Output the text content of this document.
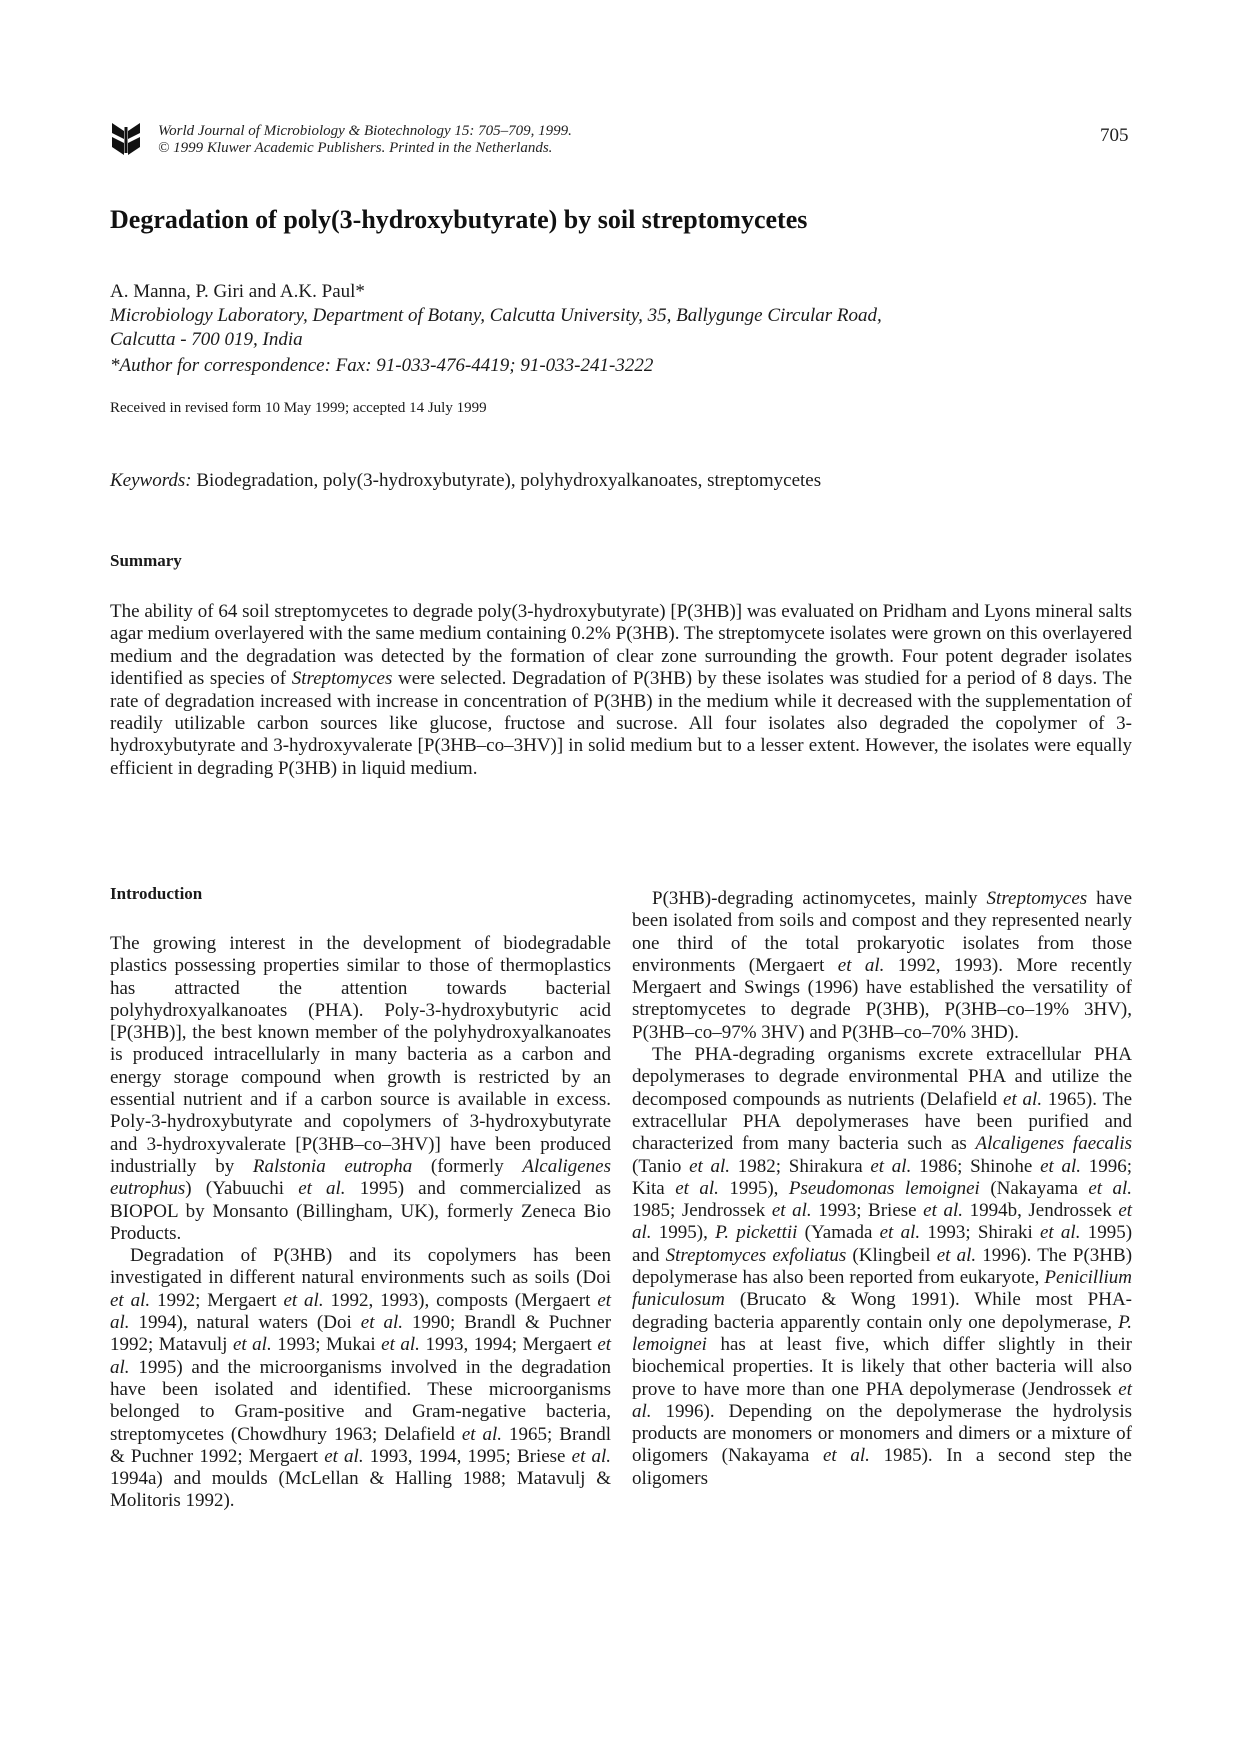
World Journal of Microbiology & Biotechnology 15: 705–709, 1999.
© 1999 Kluwer Academic Publishers. Printed in the Netherlands.
705
Degradation of poly(3-hydroxybutyrate) by soil streptomycetes
A. Manna, P. Giri and A.K. Paul*
Microbiology Laboratory, Department of Botany, Calcutta University, 35, Ballygunge Circular Road,
Calcutta - 700 019, India
*Author for correspondence: Fax: 91-033-476-4419; 91-033-241-3222
Received in revised form 10 May 1999; accepted 14 July 1999
Keywords: Biodegradation, poly(3-hydroxybutyrate), polyhydroxyalkanoates, streptomycetes
Summary
The ability of 64 soil streptomycetes to degrade poly(3-hydroxybutyrate) [P(3HB)] was evaluated on Pridham and Lyons mineral salts agar medium overlayered with the same medium containing 0.2% P(3HB). The streptomycete isolates were grown on this overlayered medium and the degradation was detected by the formation of clear zone surrounding the growth. Four potent degrader isolates identified as species of Streptomyces were selected. Degradation of P(3HB) by these isolates was studied for a period of 8 days. The rate of degradation increased with increase in concentration of P(3HB) in the medium while it decreased with the supplementation of readily utilizable carbon sources like glucose, fructose and sucrose. All four isolates also degraded the copolymer of 3-hydroxybutyrate and 3-hydroxyvalerate [P(3HB–co–3HV)] in solid medium but to a lesser extent. However, the isolates were equally efficient in degrading P(3HB) in liquid medium.
Introduction

The growing interest in the development of biodegradable plastics possessing properties similar to those of thermoplastics has attracted the attention towards bacterial polyhydroxyalkanoates (PHA). Poly-3-hydroxybutyric acid [P(3HB)], the best known member of the polyhydroxyalkanoates is produced intracellularly in many bacteria as a carbon and energy storage compound when growth is restricted by an essential nutrient and if a carbon source is available in excess. Poly-3-hydroxybutyrate and copolymers of 3-hydroxybutyrate and 3-hydroxyvalerate [P(3HB–co–3HV)] have been produced industrially by Ralstonia eutropha (formerly Alcaligenes eutrophus) (Yabuuchi et al. 1995) and commercialized as BIOPOL by Monsanto (Billingham, UK), formerly Zeneca Bio Products.

Degradation of P(3HB) and its copolymers has been investigated in different natural environments such as soils (Doi et al. 1992; Mergaert et al. 1992, 1993), composts (Mergaert et al. 1994), natural waters (Doi et al. 1990; Brandl & Puchner 1992; Matavulj et al. 1993; Mukai et al. 1993, 1994; Mergaert et al. 1995) and the microorganisms involved in the degradation have been isolated and identified. These microorganisms belonged to Gram-positive and Gram-negative bacteria, streptomycetes (Chowdhury 1963; Delafield et al. 1965; Brandl & Puchner 1992; Mergaert et al. 1993, 1994, 1995; Briese et al. 1994a) and moulds (McLellan & Halling 1988; Matavulj & Molitoris 1992).

P(3HB)-degrading actinomycetes, mainly Streptomyces have been isolated from soils and compost and they represented nearly one third of the total prokaryotic isolates from those environments (Mergaert et al. 1992, 1993). More recently Mergaert and Swings (1996) have established the versatility of streptomycetes to degrade P(3HB), P(3HB–co–19% 3HV), P(3HB–co–97% 3HV) and P(3HB–co–70% 3HD).

The PHA-degrading organisms excrete extracellular PHA depolymerases to degrade environmental PHA and utilize the decomposed compounds as nutrients (Delafield et al. 1965). The extracellular PHA depolymerases have been purified and characterized from many bacteria such as Alcaligenes faecalis (Tanio et al. 1982; Shirakura et al. 1986; Shinohe et al. 1996; Kita et al. 1995), Pseudomonas lemoignei (Nakayama et al. 1985; Jendrossek et al. 1993; Briese et al. 1994b, Jendrossek et al. 1995), P. pickettii (Yamada et al. 1993; Shiraki et al. 1995) and Streptomyces exfoliatus (Klingbeil et al. 1996). The P(3HB) depolymerase has also been reported from eukaryote, Penicillium funiculosum (Brucato & Wong 1991). While most PHA-degrading bacteria apparently contain only one depolymerase, P. lemoignei has at least five, which differ slightly in their biochemical properties. It is likely that other bacteria will also prove to have more than one PHA depolymerase (Jendrossek et al. 1996). Depending on the depolymerase the hydrolysis products are monomers or monomers and dimers or a mixture of oligomers (Nakayama et al. 1985). In a second step the oligomers
